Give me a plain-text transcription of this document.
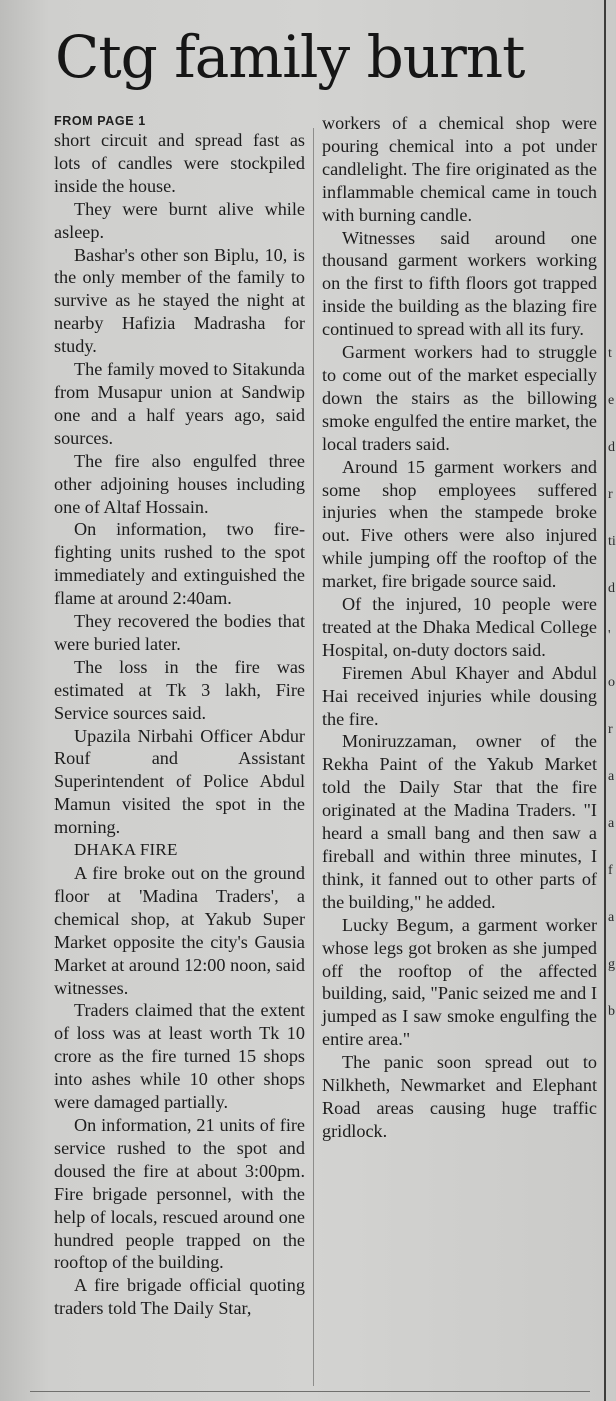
Ctg family burnt
FROM PAGE 1

short circuit and spread fast as lots of candles were stockpiled inside the house.

They were burnt alive while asleep.

Bashar's other son Biplu, 10, is the only member of the family to survive as he stayed the night at nearby Hafizia Madrasha for study.

The family moved to Sitakunda from Musapur union at Sandwip one and a half years ago, said sources.

The fire also engulfed three other adjoining houses including one of Altaf Hossain.

On information, two fire-fighting units rushed to the spot immediately and extinguished the flame at around 2:40am.

They recovered the bodies that were buried later.

The loss in the fire was estimated at Tk 3 lakh, Fire Service sources said.

Upazila Nirbahi Officer Abdur Rouf and Assistant Superintendent of Police Abdul Mamun visited the spot in the morning.

DHAKA FIRE

A fire broke out on the ground floor at 'Madina Traders', a chemical shop, at Yakub Super Market opposite the city's Gausia Market at around 12:00 noon, said witnesses.

Traders claimed that the extent of loss was at least worth Tk 10 crore as the fire turned 15 shops into ashes while 10 other shops were damaged partially.

On information, 21 units of fire service rushed to the spot and doused the fire at about 3:00pm. Fire brigade personnel, with the help of locals, rescued around one hundred people trapped on the rooftop of the building.

A fire brigade official quoting traders told The Daily Star,

workers of a chemical shop were pouring chemical into a pot under candlelight. The fire originated as the inflammable chemical came in touch with burning candle.

Witnesses said around one thousand garment workers working on the first to fifth floors got trapped inside the building as the blazing fire continued to spread with all its fury.

Garment workers had to struggle to come out of the market especially down the stairs as the billowing smoke engulfed the entire market, the local traders said.

Around 15 garment workers and some shop employees suffered injuries when the stampede broke out. Five others were also injured while jumping off the rooftop of the market, fire brigade source said.

Of the injured, 10 people were treated at the Dhaka Medical College Hospital, on-duty doctors said.

Firemen Abul Khayer and Abdul Hai received injuries while dousing the fire.

Moniruzzaman, owner of the Rekha Paint of the Yakub Market told the Daily Star that the fire originated at the Madina Traders. "I heard a small bang and then saw a fireball and within three minutes, I think, it fanned out to other parts of the building," he added.

Lucky Begum, a garment worker whose legs got broken as she jumped off the rooftop of the affected building, said, "Panic seized me and I jumped as I saw smoke engulfing the entire area."

The panic soon spread out to Nilkheth, Newmarket and Elephant Road areas causing huge traffic gridlock.

t
e
d
r
ti
d
'
o
r
a
a
f
a
g
b
